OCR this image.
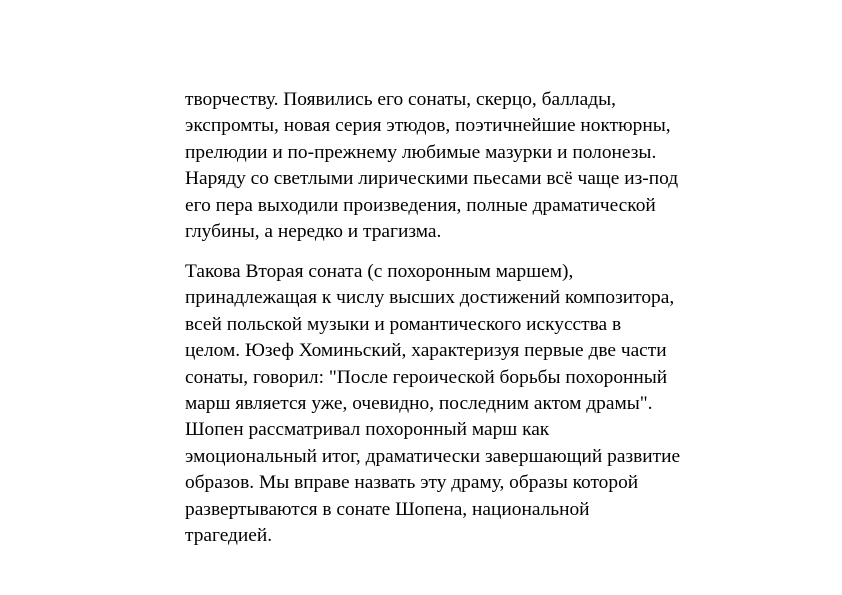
творчеству. Появились его сонаты, скерцо, баллады,
экспромты, новая серия этюдов, поэтичнейшие ноктюрны,
прелюдии и по-прежнему любимые мазурки и полонезы.
Наряду со светлыми лирическими пьесами всё чаще из-под
его пера выходили произведения, полные драматической
глубины, а нередко и трагизма.
Такова Вторая соната (с похоронным маршем),
принадлежащая к числу высших достижений композитора,
всей польской музыки и романтического искусства в
целом. Юзеф Хоминьский, характеризуя первые две части
сонаты, говорил: "После героической борьбы похоронный
марш является уже, очевидно, последним актом драмы".
Шопен рассматривал похоронный марш как
эмоциональный итог, драматически завершающий развитие
образов. Мы вправе назвать эту драму, образы которой
развертываются в сонате Шопена, национальной
трагедией.
